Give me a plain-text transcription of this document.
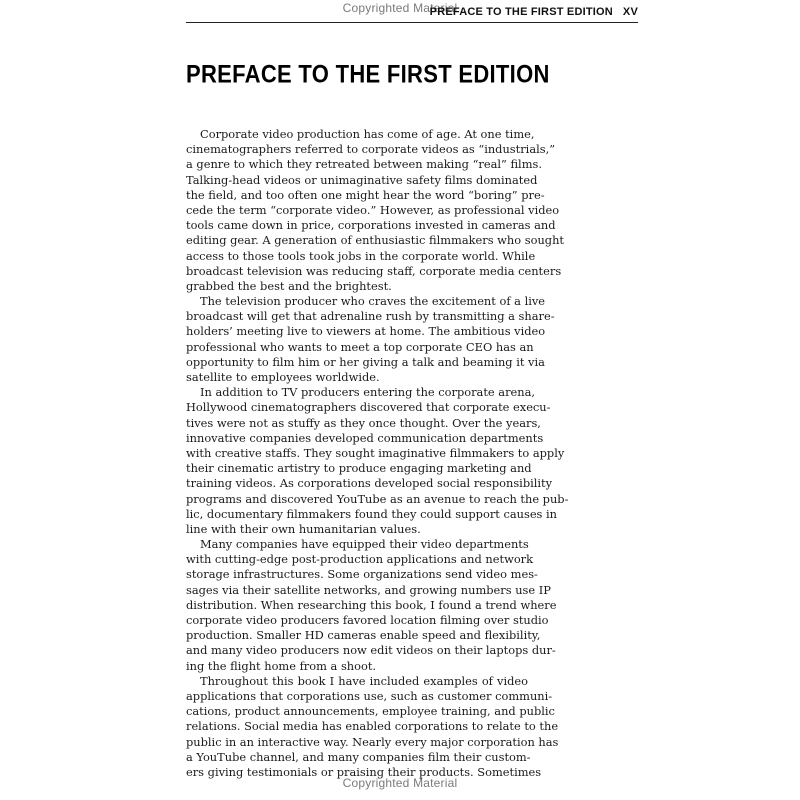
Copyrighted Material
PREFACE TO THE FIRST EDITION XV
PREFACE TO THE FIRST EDITION
Corporate video production has come of age. At one time,
cinematographers referred to corporate videos as “industrials,”
a genre to which they retreated between making “real” films.
Talking-head videos or unimaginative safety films dominated
the field, and too often one might hear the word “boring” pre-
cede the term “corporate video.” However, as professional video
tools came down in price, corporations invested in cameras and
editing gear. A generation of enthusiastic filmmakers who sought
access to those tools took jobs in the corporate world. While
broadcast television was reducing staff, corporate media centers
grabbed the best and the brightest.
The television producer who craves the excitement of a live
broadcast will get that adrenaline rush by transmitting a share-
holders’ meeting live to viewers at home. The ambitious video
professional who wants to meet a top corporate CEO has an
opportunity to film him or her giving a talk and beaming it via
satellite to employees worldwide.
In addition to TV producers entering the corporate arena,
Hollywood cinematographers discovered that corporate execu-
tives were not as stuffy as they once thought. Over the years,
innovative companies developed communication departments
with creative staffs. They sought imaginative filmmakers to apply
their cinematic artistry to produce engaging marketing and
training videos. As corporations developed social responsibility
programs and discovered YouTube as an avenue to reach the pub-
lic, documentary filmmakers found they could support causes in
line with their own humanitarian values.
Many companies have equipped their video departments
with cutting-edge post-production applications and network
storage infrastructures. Some organizations send video mes-
sages via their satellite networks, and growing numbers use IP
distribution. When researching this book, I found a trend where
corporate video producers favored location filming over studio
production. Smaller HD cameras enable speed and flexibility,
and many video producers now edit videos on their laptops dur-
ing the flight home from a shoot.
Throughout this book I have included examples of video
applications that corporations use, such as customer communi-
cations, product announcements, employee training, and public
relations. Social media has enabled corporations to relate to the
public in an interactive way. Nearly every major corporation has
a YouTube channel, and many companies film their custom-
ers giving testimonials or praising their products. Sometimes
Copyrighted Material
